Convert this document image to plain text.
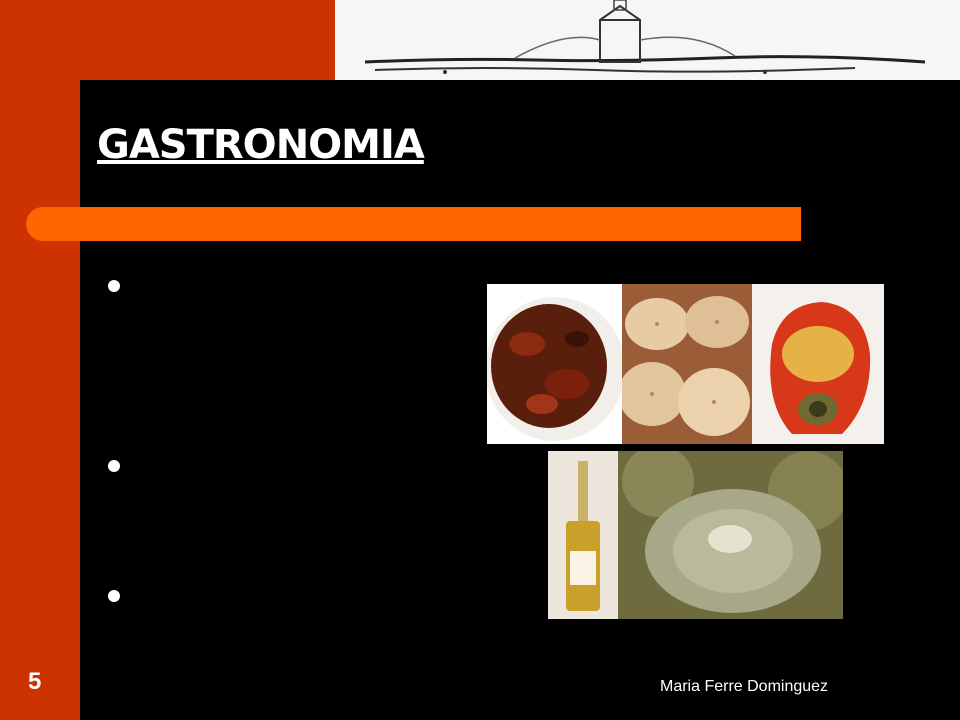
GASTRONOMIA
PLATOS TIPICOS
-PERICANA
-PIMIENTO RELLENO ARROZ
-PUCHERO
LICOR TRADICIONAL
HERBERO (preparado con anís
y hierbas de la sierra)
EN OTOÑO- SETAS
5	Maria Ferre Dominguez
